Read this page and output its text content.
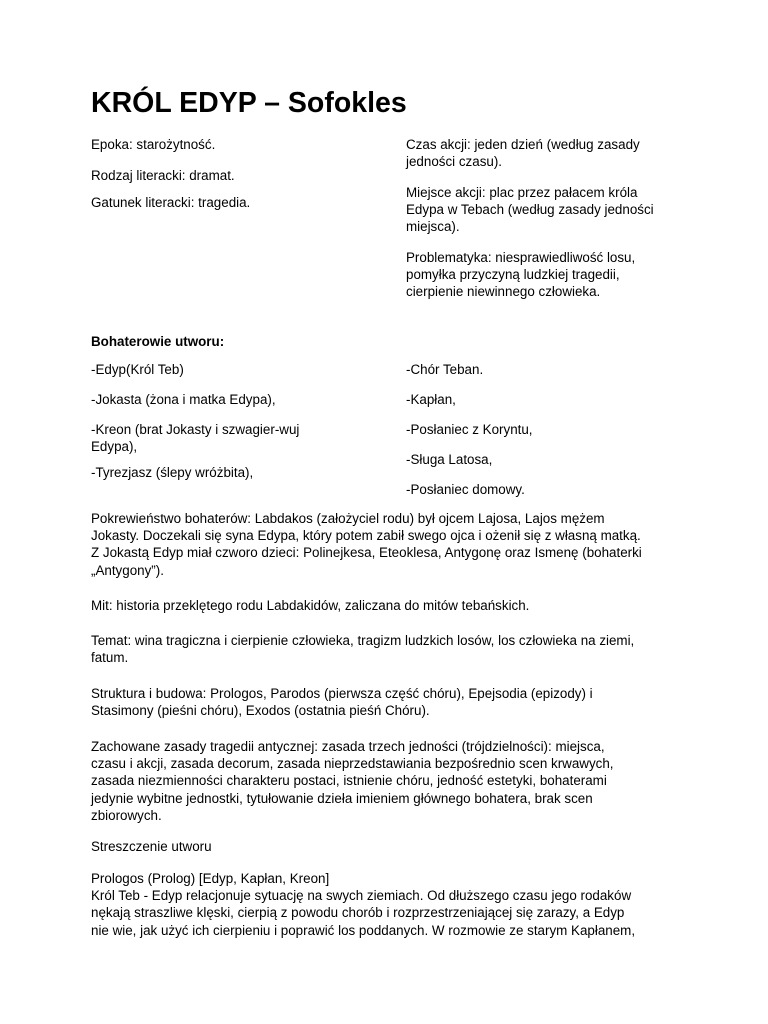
KRÓL EDYP – Sofokles

Epoka: starożytność.

Rodzaj literacki: dramat.

Gatunek literacki: tragedia.

Czas akcji: jeden dzień (według zasady
jedności czasu).

Miejsce akcji: plac przez pałacem króla
Edypa w Tebach (według zasady jedności
miejsca).

Problematyka: niesprawiedliwość losu,
pomyłka przyczyną ludzkiej tragedii,
cierpienie niewinnego człowieka.

Bohaterowie utworu:

-Edyp(Król Teb)

-Jokasta (żona i matka Edypa),

-Kreon (brat Jokasty i szwagier-wuj
Edypa),

-Tyrezjasz (ślepy wróżbita),

-Chór Teban.

-Kapłan,

-Posłaniec z Koryntu,

-Sługa Latosa,

-Posłaniec domowy.

Pokrewieństwo bohaterów: Labdakos (założyciel rodu) był ojcem Lajosa, Lajos mężem
Jokasty. Doczekali się syna Edypa, który potem zabił swego ojca i ożenił się z własną matką.
Z Jokastą Edyp miał czworo dzieci: Polinejkesa, Eteoklesa, Antygonę oraz Ismenę (bohaterki
„Antygony”).
Mit: historia przeklętego rodu Labdakidów, zaliczana do mitów tebańskich.
Temat: wina tragiczna i cierpienie człowieka, tragizm ludzkich losów, los człowieka na ziemi,
fatum.
Struktura i budowa: Prologos, Parodos (pierwsza część chóru), Epejsodia (epizody) i
Stasimony (pieśni chóru), Exodos (ostatnia pieśń Chóru).
Zachowane zasady tragedii antycznej: zasada trzech jedności (trójdzielności): miejsca,
czasu i akcji, zasada decorum, zasada nieprzedstawiania bezpośrednio scen krwawych,
zasada niezmienności charakteru postaci, istnienie chóru, jedność estetyki, bohaterami
jedynie wybitne jednostki, tytułowanie dzieła imieniem głównego bohatera, brak scen
zbiorowych.
Streszczenie utworu
Prologos (Prolog) [Edyp, Kapłan, Kreon]
Król Teb - Edyp relacjonuje sytuację na swych ziemiach. Od dłuższego czasu jego rodaków
nękają straszliwe klęski, cierpią z powodu chorób i rozprzestrzeniającej się zarazy, a Edyp
nie wie, jak użyć ich cierpieniu i poprawić los poddanych. W rozmowie ze starym Kapłanem,
